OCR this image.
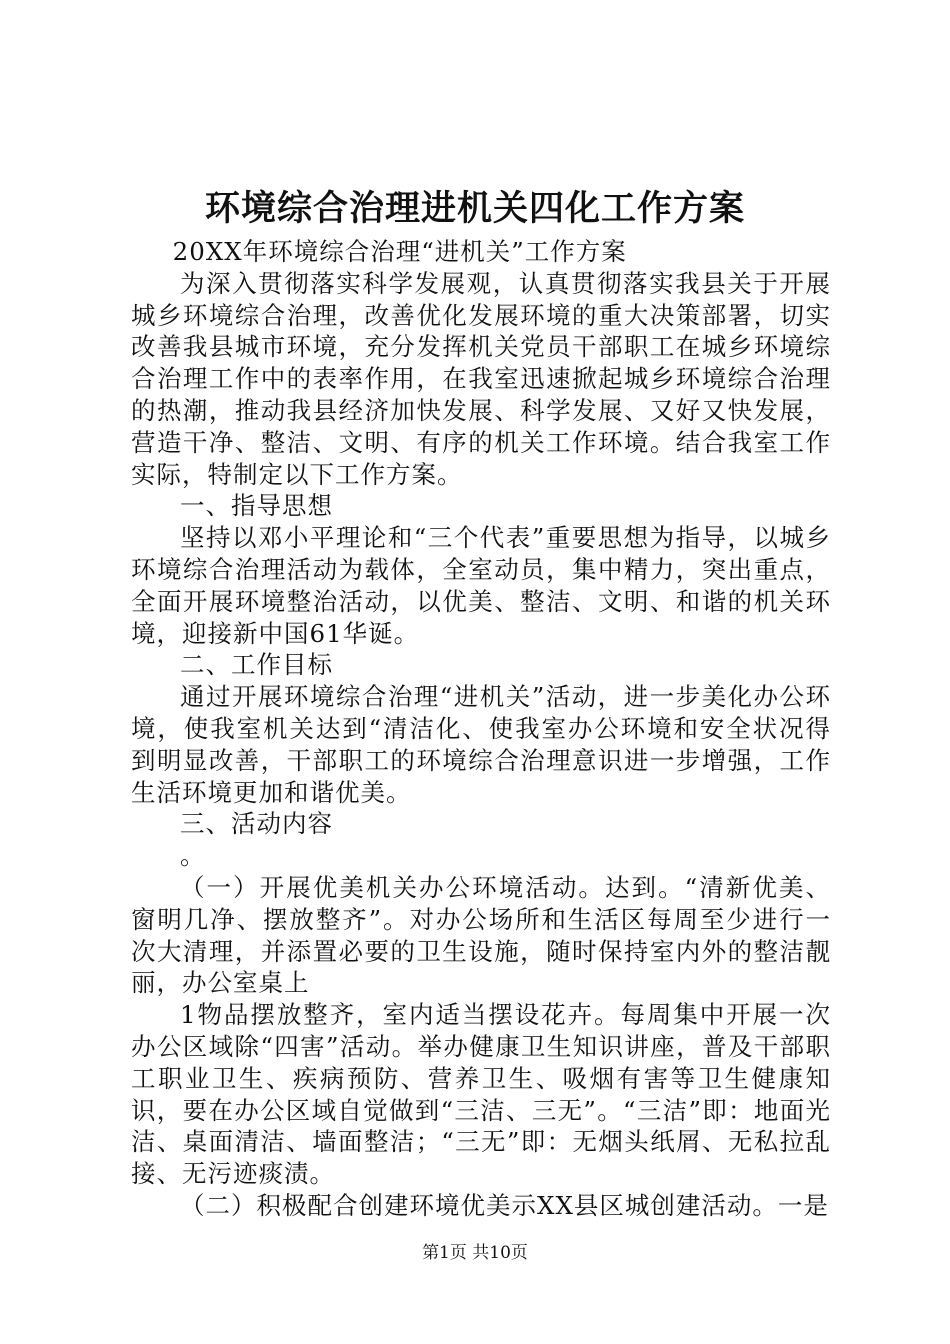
环境综合治理进机关四化工作方案

20XX年环境综合治理“进机关”工作方案

为深入贯彻落实科学发展观，认真贯彻落实我县关于开展城乡环境综合治理，改善优化发展环境的重大决策部署，切实改善我县城市环境，充分发挥机关党员干部职工在城乡环境综合治理工作中的表率作用，在我室迅速掀起城乡环境综合治理的热潮，推动我县经济加快发展、科学发展、又好又快发展，营造干净、整洁、文明、有序的机关工作环境。结合我室工作实际，特制定以下工作方案。

一、指导思想

坚持以邓小平理论和“三个代表”重要思想为指导，以城乡环境综合治理活动为载体，全室动员，集中精力，突出重点，全面开展环境整治活动，以优美、整洁、文明、和谐的机关环境，迎接新中国61华诞。

二、工作目标

通过开展环境综合治理“进机关”活动，进一步美化办公环境，使我室机关达到“清洁化、使我室办公环境和安全状况得到明显改善，干部职工的环境综合治理意识进一步增强，工作生活环境更加和谐优美。

三、活动内容

。

（一）开展优美机关办公环境活动。达到。“清新优美、窗明几净、摆放整齐”。对办公场所和生活区每周至少进行一次大清理，并添置必要的卫生设施，随时保持室内外的整洁靓丽，办公室桌上

1物品摆放整齐，室内适当摆设花卉。每周集中开展一次办公区域除“四害”活动。举办健康卫生知识讲座，普及干部职工职业卫生、疾病预防、营养卫生、吸烟有害等卫生健康知识，要在办公区域自觉做到“三洁、三无”。“三洁”即：地面光洁、桌面清洁、墙面整洁；“三无”即：无烟头纸屑、无私拉乱接、无污迹痰渍。

（二）积极配合创建环境优美示XX县区城创建活动。一是

第1页 共10页
